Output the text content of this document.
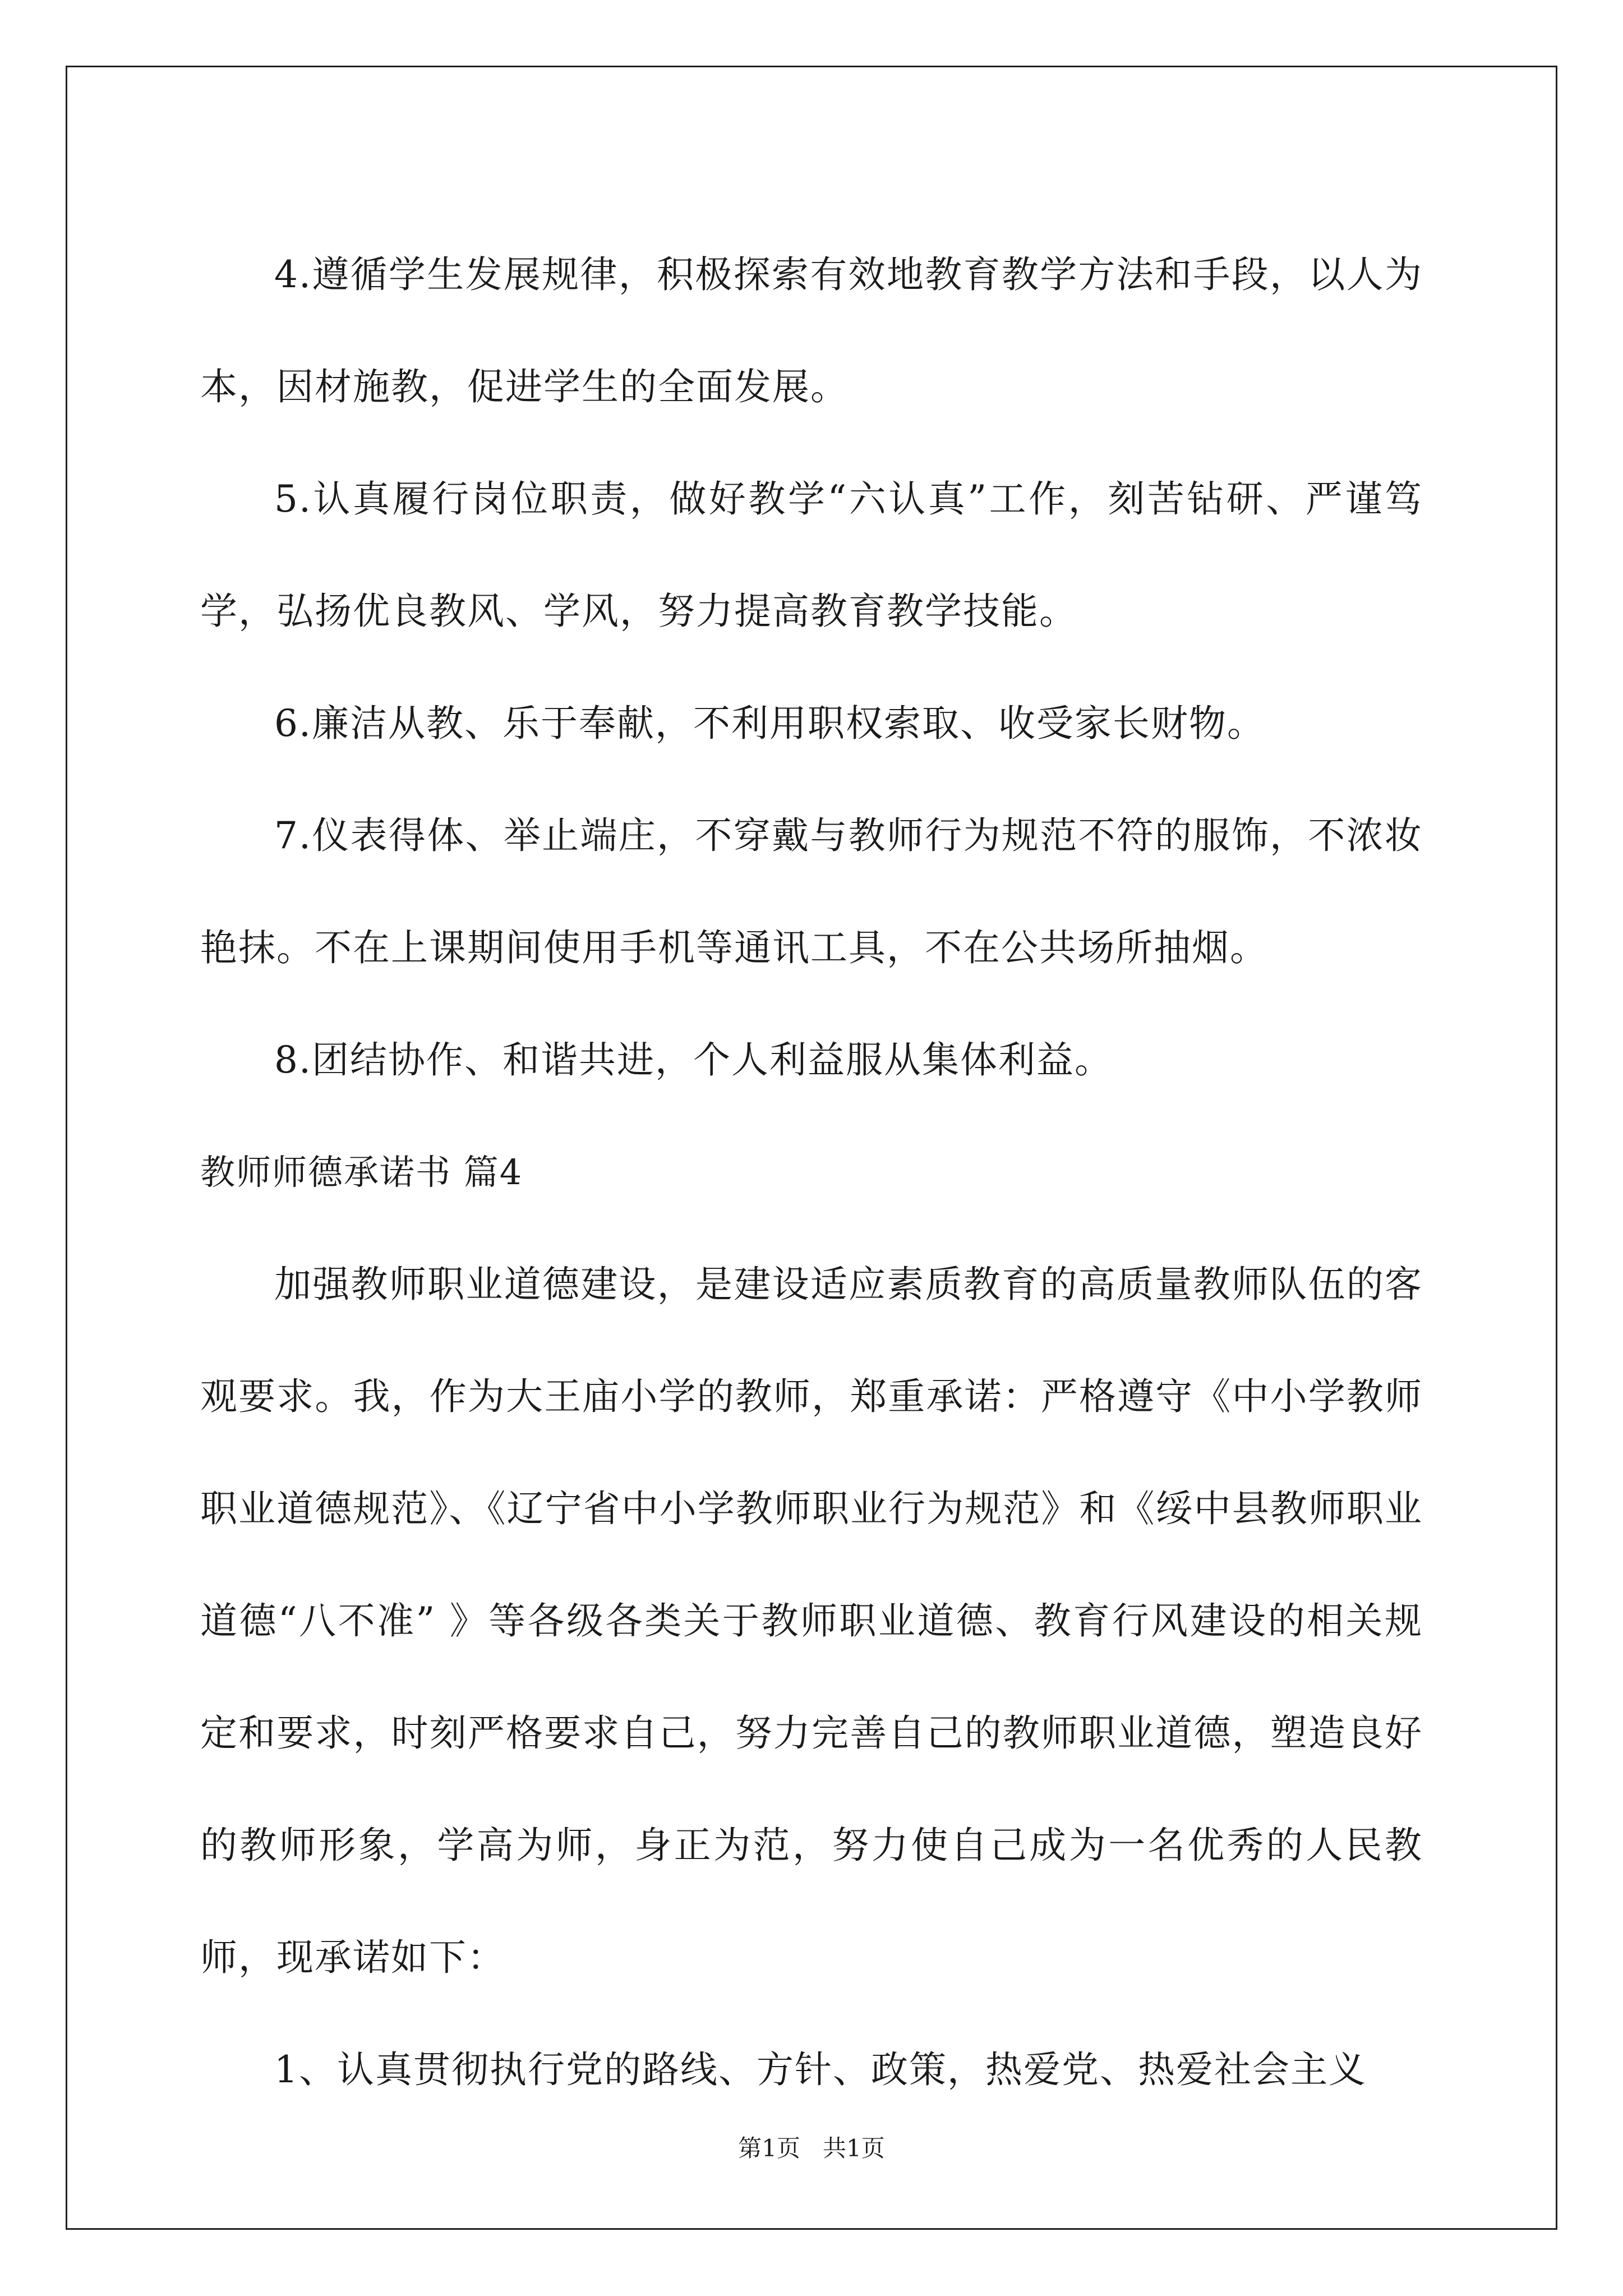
4.遵循学生发展规律，积极探索有效地教育教学方法和手段，以人为本，因材施教，促进学生的全面发展。

5.认真履行岗位职责，做好教学“六认真”工作，刻苦钻研、严谨笃学，弘扬优良教风、学风，努力提高教育教学技能。

6.廉洁从教、乐于奉献，不利用职权索取、收受家长财物。

7.仪表得体、举止端庄，不穿戴与教师行为规范不符的服饰，不浓妆艳抹。不在上课期间使用手机等通讯工具，不在公共场所抽烟。

8.团结协作、和谐共进，个人利益服从集体利益。

教师师德承诺书 篇4

加强教师职业道德建设，是建设适应素质教育的高质量教师队伍的客观要求。我，作为大王庙小学的教师，郑重承诺：严格遵守《中小学教师职业道德规范》、《辽宁省中小学教师职业行为规范》和《绥中县教师职业道德“八不准” 》等各级各类关于教师职业道德、教育行风建设的相关规定和要求，时刻严格要求自己，努力完善自己的教师职业道德，塑造良好的教师形象，学高为师，身正为范，努力使自己成为一名优秀的人民教师，现承诺如下：

1、认真贯彻执行党的路线、方针、政策，热爱党、热爱社会主义

第1页 共1页
